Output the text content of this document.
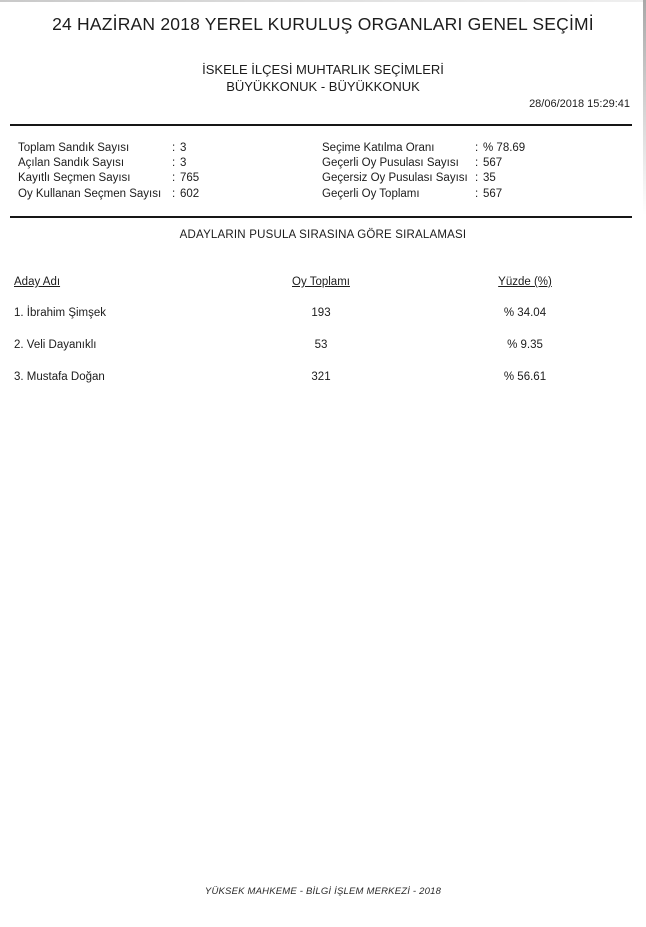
24 HAZİRAN 2018 YEREL KURULUŞ ORGANLARI GENEL SEÇİMİ
İSKELE İLÇESİ MUHTARLIK SEÇİMLERİ
BÜYÜKKONUK - BÜYÜKKONUK
28/06/2018 15:29:41
Toplam Sandık Sayısı	: 3
Açılan Sandık Sayısı	: 3
Kayıtlı Seçmen Sayısı	: 765
Oy Kullanan Seçmen Sayısı : 602
Seçime Katılma Oranı	: % 78.69
Geçerli Oy Pusulası Sayısı	: 567
Geçersiz Oy Pusulası Sayısı : 35
Geçerli Oy Toplamı	: 567
ADAYLARIN PUSULA SIRASINA GÖRE SIRALAMASI
Aday Adı	Oy Toplamı	Yüzde (%)
1. İbrahim Şimşek	193	% 34.04
2. Veli Dayanıklı	53	% 9.35
3. Mustafa Doğan	321	% 56.61
YÜKSEK MAHKEME - BİLGİ İŞLEM MERKEZİ - 2018
